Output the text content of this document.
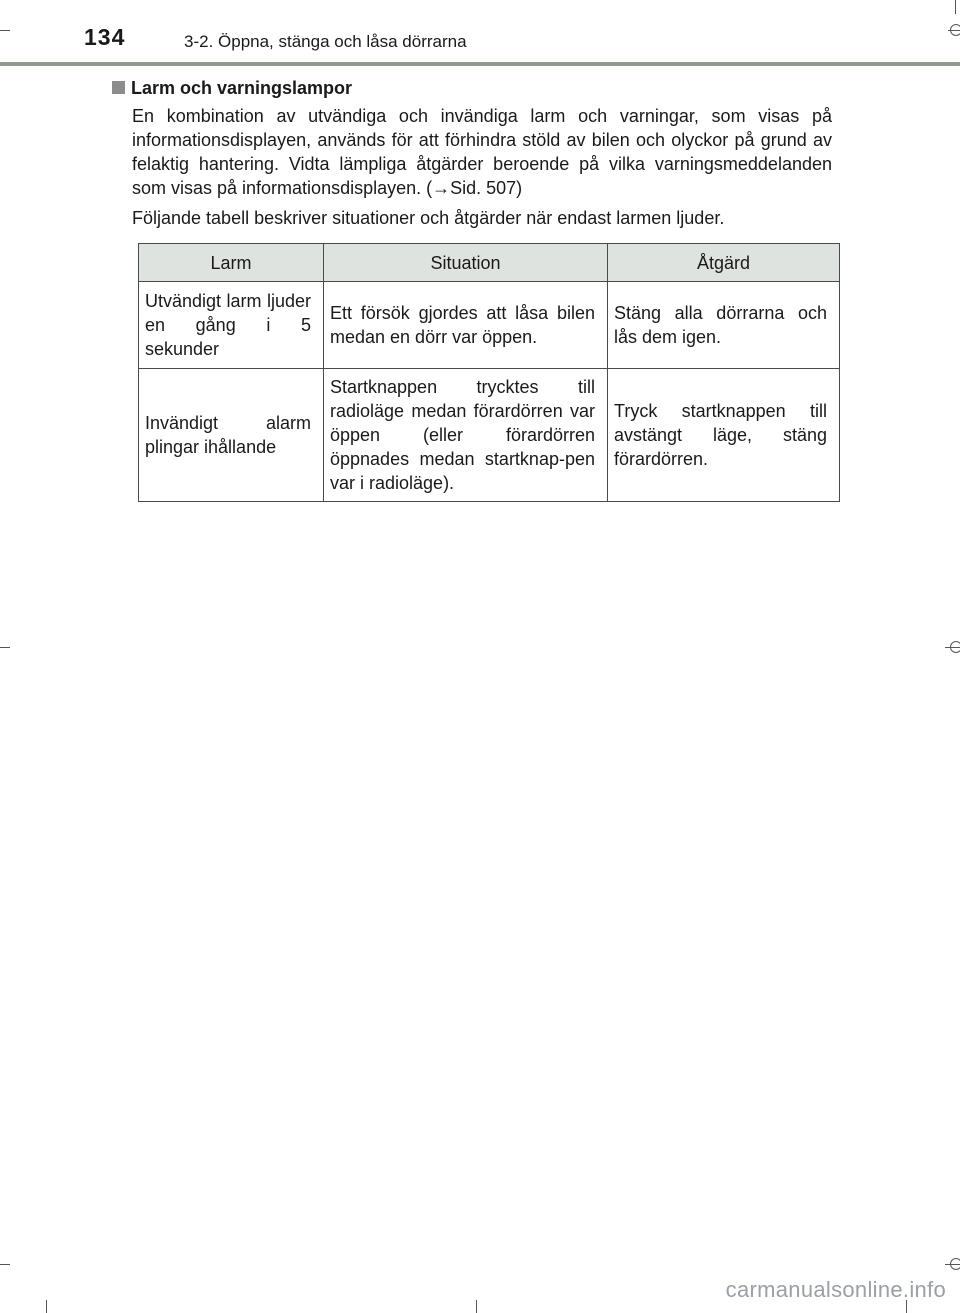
134	3-2. Öppna, stänga och låsa dörrarna
Larm och varningslampor
En kombination av utvändiga och invändiga larm och varningar, som visas på informationsdisplayen, används för att förhindra stöld av bilen och olyckor på grund av felaktig hantering. Vidta lämpliga åtgärder beroende på vilka varningsmeddelanden som visas på informationsdisplayen. (→Sid. 507)
Följande tabell beskriver situationer och åtgärder när endast larmen ljuder.
Larm	Situation	Åtgärd
Utvändigt larm ljuder en gång i 5 sekunder	Ett försök gjordes att låsa bilen medan en dörr var öppen.	Stäng alla dörrarna och lås dem igen.
Invändigt alarm plingar ihållande	Startknappen trycktes till radioläge medan förardörren var öppen (eller förardörren öppnades medan startknap-pen var i radioläge).	Tryck startknappen till avstängt läge, stäng förardörren.
carmanualsonline.info
